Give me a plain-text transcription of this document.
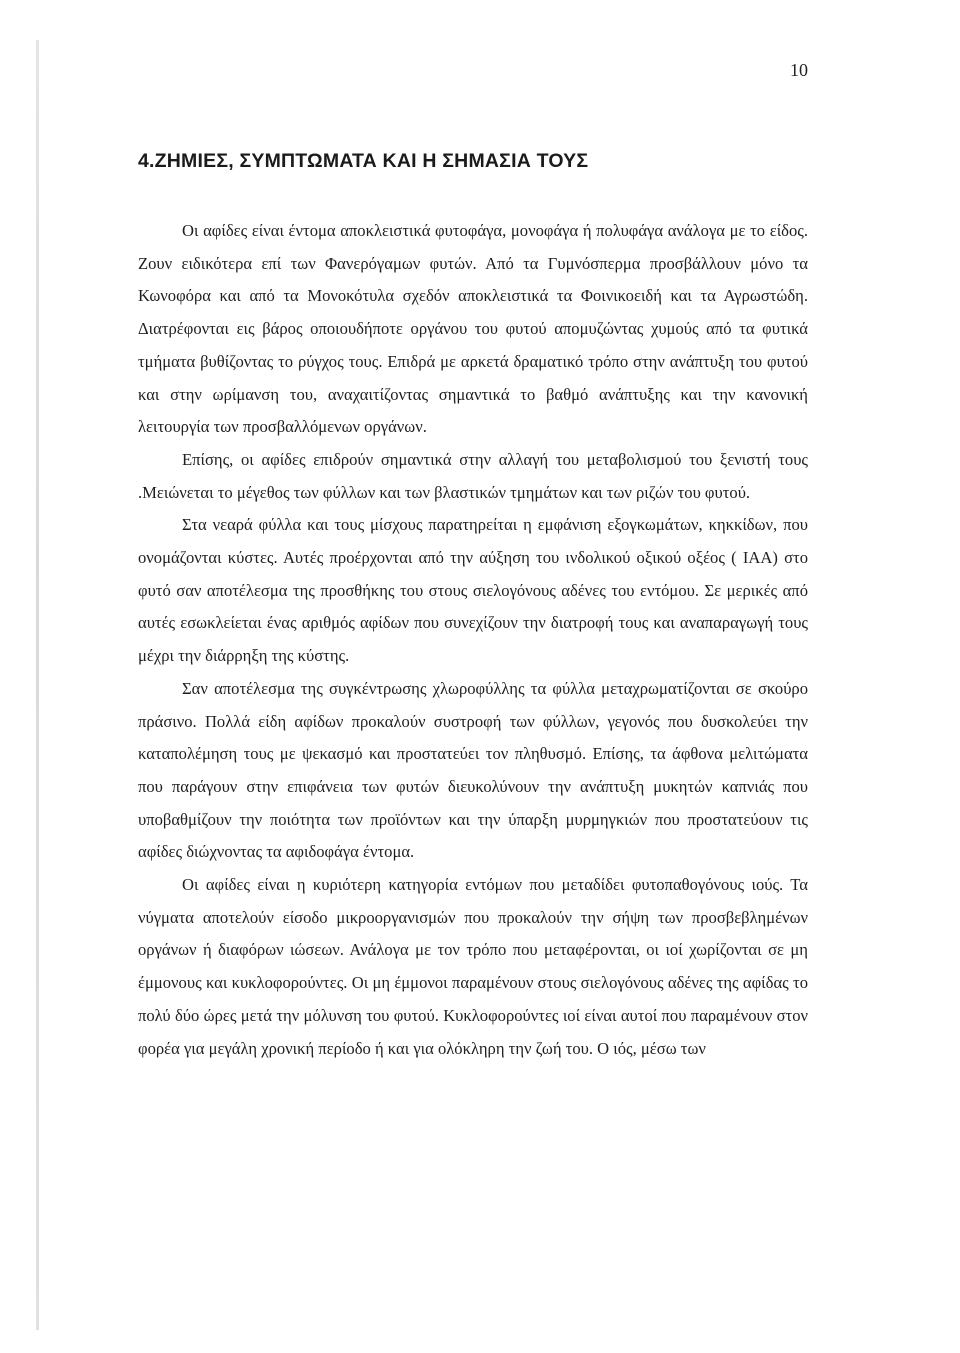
10
4.ΖΗΜΙΕΣ, ΣΥΜΠΤΩΜΑΤΑ ΚΑΙ Η ΣΗΜΑΣΙΑ ΤΟΥΣ

Οι αφίδες είναι έντομα αποκλειστικά φυτοφάγα, μονοφάγα ή πολυφάγα ανάλογα με το είδος. Ζουν ειδικότερα επί των Φανερόγαμων φυτών. Από τα Γυμνόσπερμα προσβάλλουν μόνο τα Κωνοφόρα και από τα Μονοκότυλα σχεδόν αποκλειστικά τα Φοινικοειδή και τα Αγρωστώδη. Διατρέφονται εις βάρος οποιουδήποτε οργάνου του φυτού απομυζώντας χυμούς από τα φυτικά τμήματα βυθίζοντας το ρύγχος τους. Επιδρά με αρκετά δραματικό τρόπο στην ανάπτυξη του φυτού και στην ωρίμανση του, αναχαιτίζοντας σημαντικά το βαθμό ανάπτυξης και την κανονική λειτουργία των προσβαλλόμενων οργάνων.

Επίσης, οι αφίδες επιδρούν σημαντικά στην αλλαγή του μεταβολισμού του ξενιστή τους .Μειώνεται το μέγεθος των φύλλων και των βλαστικών τμημάτων και των ριζών του φυτού.

Στα νεαρά φύλλα και τους μίσχους παρατηρείται η εμφάνιση εξογκωμάτων, κηκκίδων, που ονομάζονται κύστες. Αυτές προέρχονται από την αύξηση του ινδολικού οξικού οξέος ( IAA) στο φυτό σαν αποτέλεσμα της προσθήκης του στους σιελογόνους αδένες του εντόμου. Σε μερικές από αυτές εσωκλείεται ένας αριθμός αφίδων που συνεχίζουν την διατροφή τους και αναπαραγωγή τους μέχρι την διάρρηξη της κύστης.

Σαν αποτέλεσμα της συγκέντρωσης χλωροφύλλης τα φύλλα μεταχρωματίζονται σε σκούρο πράσινο. Πολλά είδη αφίδων προκαλούν συστροφή των φύλλων, γεγονός που δυσκολεύει την καταπολέμηση τους με ψεκασμό και προστατεύει τον πληθυσμό. Επίσης, τα άφθονα μελιτώματα που παράγουν στην επιφάνεια των φυτών διευκολύνουν την ανάπτυξη μυκητών καπνιάς που υποβαθμίζουν την ποιότητα των προϊόντων και την ύπαρξη μυρμηγκιών που προστατεύουν τις αφίδες διώχνοντας τα αφιδοφάγα έντομα.

Οι αφίδες είναι η κυριότερη κατηγορία εντόμων που μεταδίδει φυτοπαθογόνους ιούς. Τα νύγματα αποτελούν είσοδο μικροοργανισμών που προκαλούν την σήψη των προσβεβλημένων οργάνων ή διαφόρων ιώσεων. Ανάλογα με τον τρόπο που μεταφέρονται, οι ιοί χωρίζονται σε μη έμμονους και κυκλοφορούντες. Οι μη έμμονοι παραμένουν στους σιελογόνους αδένες της αφίδας το πολύ δύο ώρες μετά την μόλυνση του φυτού. Κυκλοφορούντες ιοί είναι αυτοί που παραμένουν στον φορέα για μεγάλη χρονική περίοδο ή και για ολόκληρη την ζωή του. Ο ιός, μέσω των
